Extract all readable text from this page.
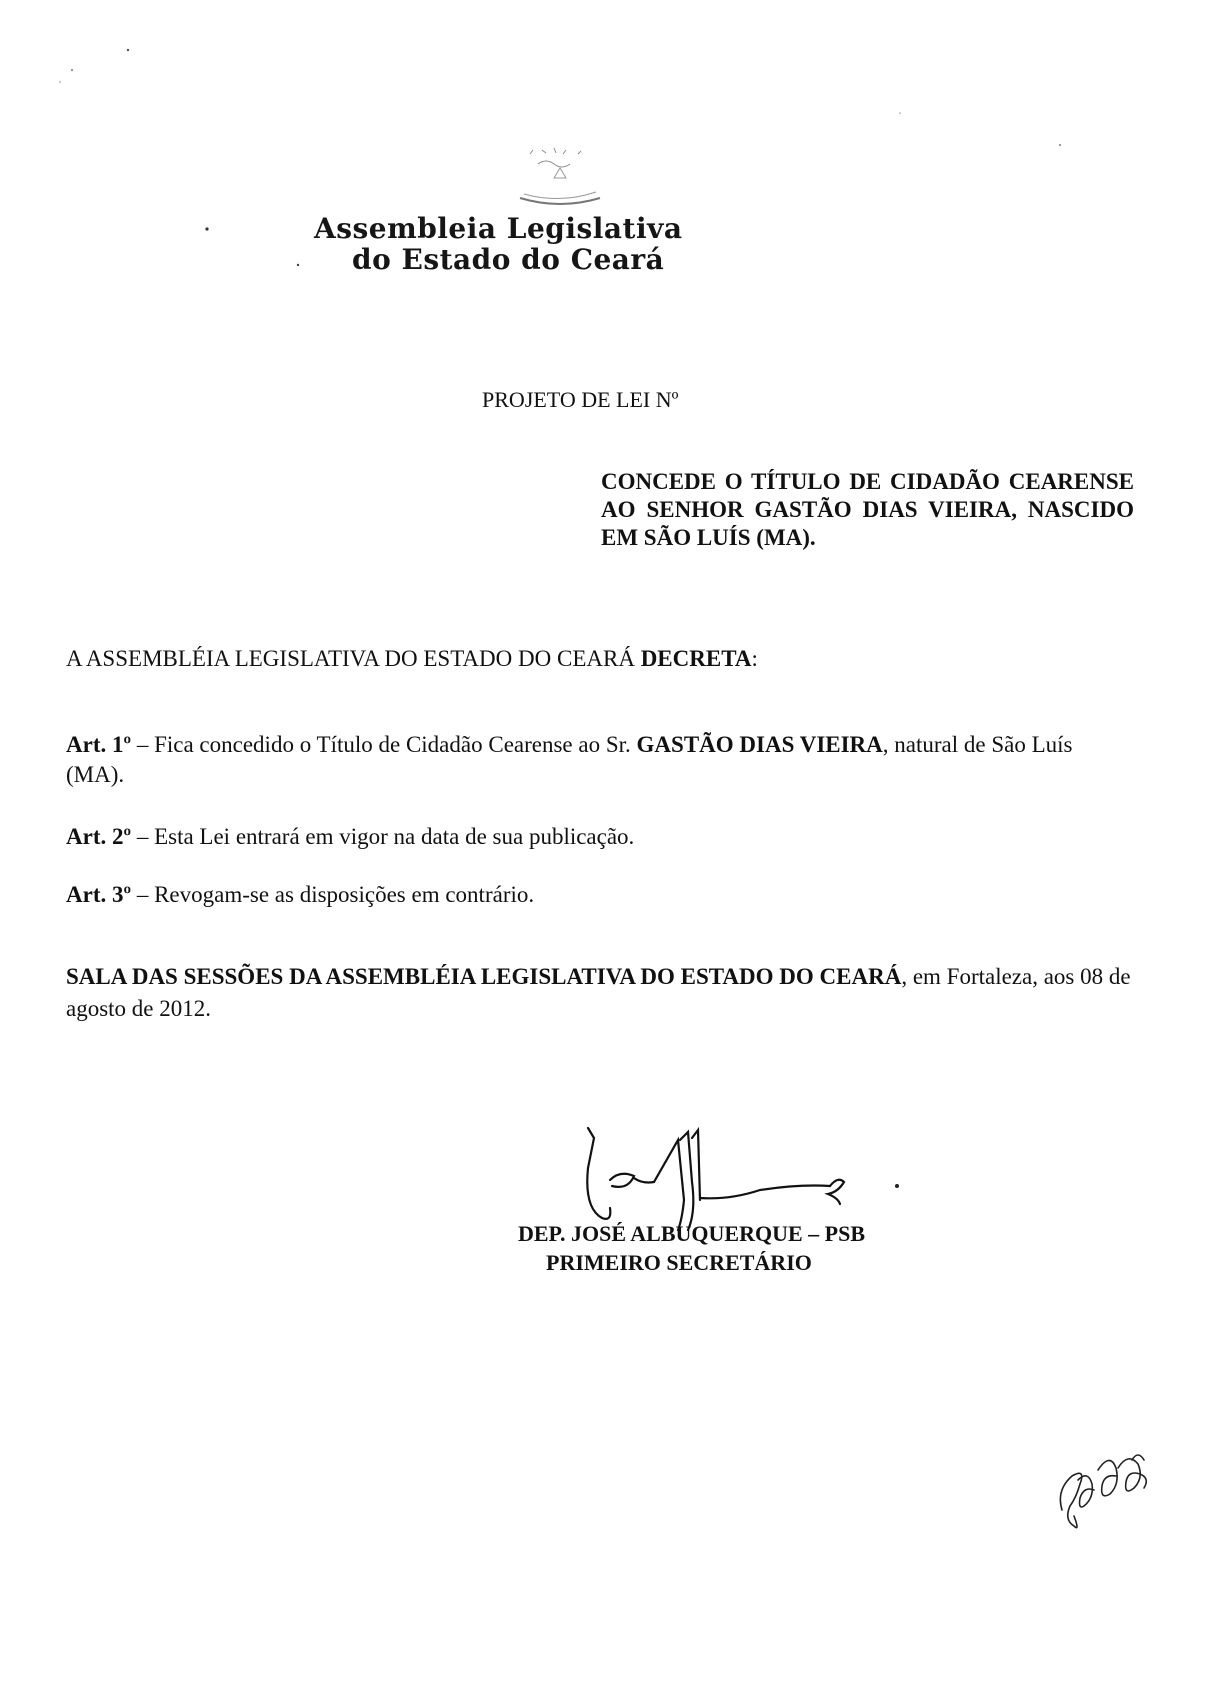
Assembleia Legislativa
do Estado do Ceará
PROJETO DE LEI Nº
CONCEDE O TÍTULO DE CIDADÃO CEARENSE AO SENHOR GASTÃO DIAS VIEIRA, NASCIDO EM SÃO LUÍS (MA).
A ASSEMBLÉIA LEGISLATIVA DO ESTADO DO CEARÁ DECRETA:
Art. 1º – Fica concedido o Título de Cidadão Cearense ao Sr. GASTÃO DIAS VIEIRA, natural de São Luís (MA).
Art. 2º – Esta Lei entrará em vigor na data de sua publicação.
Art. 3º – Revogam-se as disposições em contrário.
SALA DAS SESSÕES DA ASSEMBLÉIA LEGISLATIVA DO ESTADO DO CEARÁ, em Fortaleza, aos 08 de agosto de 2012.
DEP. JOSÉ ALBUQUERQUE – PSB
PRIMEIRO SECRETÁRIO
